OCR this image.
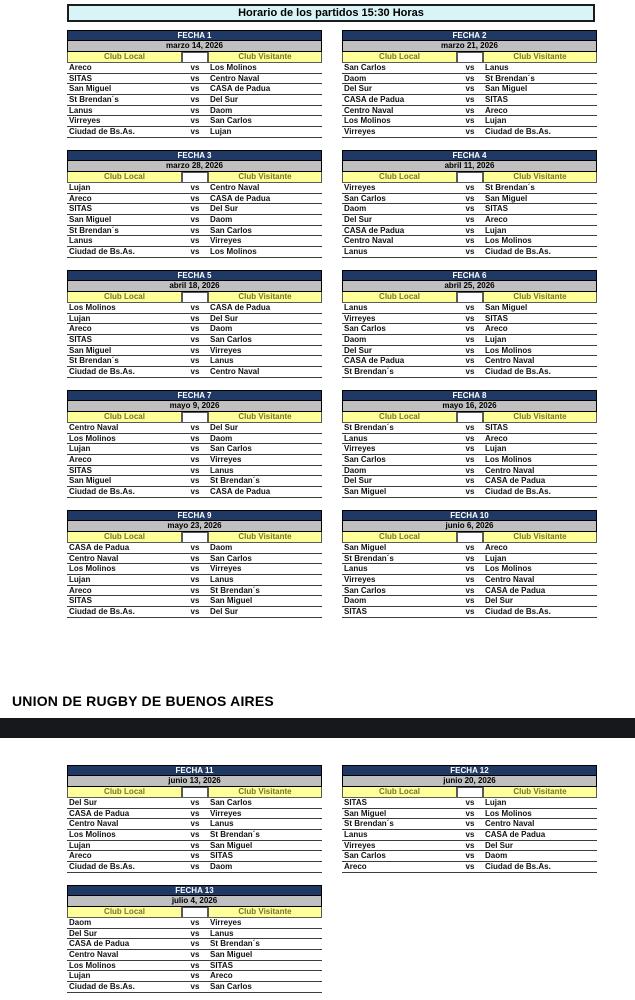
Horario de los partidos 15:30 Horas
FECHA 1
marzo 14, 2026
Club Local	Club Visitante
Areco	vs	Los Molinos
SITAS	vs	Centro Naval
San Miguel	vs	CASA de Padua
St Brendan´s	vs	Del Sur
Lanus	vs	Daom
Virreyes	vs	San Carlos
Ciudad de Bs.As.	vs	Lujan
FECHA 2
marzo 21, 2026
Club Local	Club Visitante
San Carlos	vs	Lanus
Daom	vs	St Brendan´s
Del Sur	vs	San Miguel
CASA de Padua	vs	SITAS
Centro Naval	vs	Areco
Los Molinos	vs	Lujan
Virreyes	vs	Ciudad de Bs.As.
FECHA 3
marzo 28, 2026
Club Local	Club Visitante
Lujan	vs	Centro Naval
Areco	vs	CASA de Padua
SITAS	vs	Del Sur
San Miguel	vs	Daom
St Brendan´s	vs	San Carlos
Lanus	vs	Virreyes
Ciudad de Bs.As.	vs	Los Molinos
FECHA 4
abril 11, 2026
Club Local	Club Visitante
Virreyes	vs	St Brendan´s
San Carlos	vs	San Miguel
Daom	vs	SITAS
Del Sur	vs	Areco
CASA de Padua	vs	Lujan
Centro Naval	vs	Los Molinos
Lanus	vs	Ciudad de Bs.As.
FECHA 5
abril 18, 2026
Club Local	Club Visitante
Los Molinos	vs	CASA de Padua
Lujan	vs	Del Sur
Areco	vs	Daom
SITAS	vs	San Carlos
San Miguel	vs	Virreyes
St Brendan´s	vs	Lanus
Ciudad de Bs.As.	vs	Centro Naval
FECHA 6
abril 25, 2026
Club Local	Club Visitante
Lanus	vs	San Miguel
Virreyes	vs	SITAS
San Carlos	vs	Areco
Daom	vs	Lujan
Del Sur	vs	Los Molinos
CASA de Padua	vs	Centro Naval
St Brendan´s	vs	Ciudad de Bs.As.
FECHA 7
mayo 9, 2026
Club Local	Club Visitante
Centro Naval	vs	Del Sur
Los Molinos	vs	Daom
Lujan	vs	San Carlos
Areco	vs	Virreyes
SITAS	vs	Lanus
San Miguel	vs	St Brendan´s
Ciudad de Bs.As.	vs	CASA de Padua
FECHA 8
mayo 16, 2026
Club Local	Club Visitante
St Brendan´s	vs	SITAS
Lanus	vs	Areco
Virreyes	vs	Lujan
San Carlos	vs	Los Molinos
Daom	vs	Centro Naval
Del Sur	vs	CASA de Padua
San Miguel	vs	Ciudad de Bs.As.
FECHA 9
mayo 23, 2026
Club Local	Club Visitante
CASA de Padua	vs	Daom
Centro Naval	vs	San Carlos
Los Molinos	vs	Virreyes
Lujan	vs	Lanus
Areco	vs	St Brendan´s
SITAS	vs	San Miguel
Ciudad de Bs.As.	vs	Del Sur
FECHA 10
junio 6, 2026
Club Local	Club Visitante
San Miguel	vs	Areco
St Brendan´s	vs	Lujan
Lanus	vs	Los Molinos
Virreyes	vs	Centro Naval
San Carlos	vs	CASA de Padua
Daom	vs	Del Sur
SITAS	vs	Ciudad de Bs.As.
UNION DE RUGBY DE BUENOS AIRES
FECHA 11
junio 13, 2026
Club Local	Club Visitante
Del Sur	vs	San Carlos
CASA de Padua	vs	Virreyes
Centro Naval	vs	Lanus
Los Molinos	vs	St Brendan´s
Lujan	vs	San Miguel
Areco	vs	SITAS
Ciudad de Bs.As.	vs	Daom
FECHA 12
junio 20, 2026
Club Local	Club Visitante
SITAS	vs	Lujan
San Miguel	vs	Los Molinos
St Brendan´s	vs	Centro Naval
Lanus	vs	CASA de Padua
Virreyes	vs	Del Sur
San Carlos	vs	Daom
Areco	vs	Ciudad de Bs.As.
FECHA 13
julio 4, 2026
Club Local	Club Visitante
Daom	vs	Virreyes
Del Sur	vs	Lanus
CASA de Padua	vs	St Brendan´s
Centro Naval	vs	San Miguel
Los Molinos	vs	SITAS
Lujan	vs	Areco
Ciudad de Bs.As.	vs	San Carlos
